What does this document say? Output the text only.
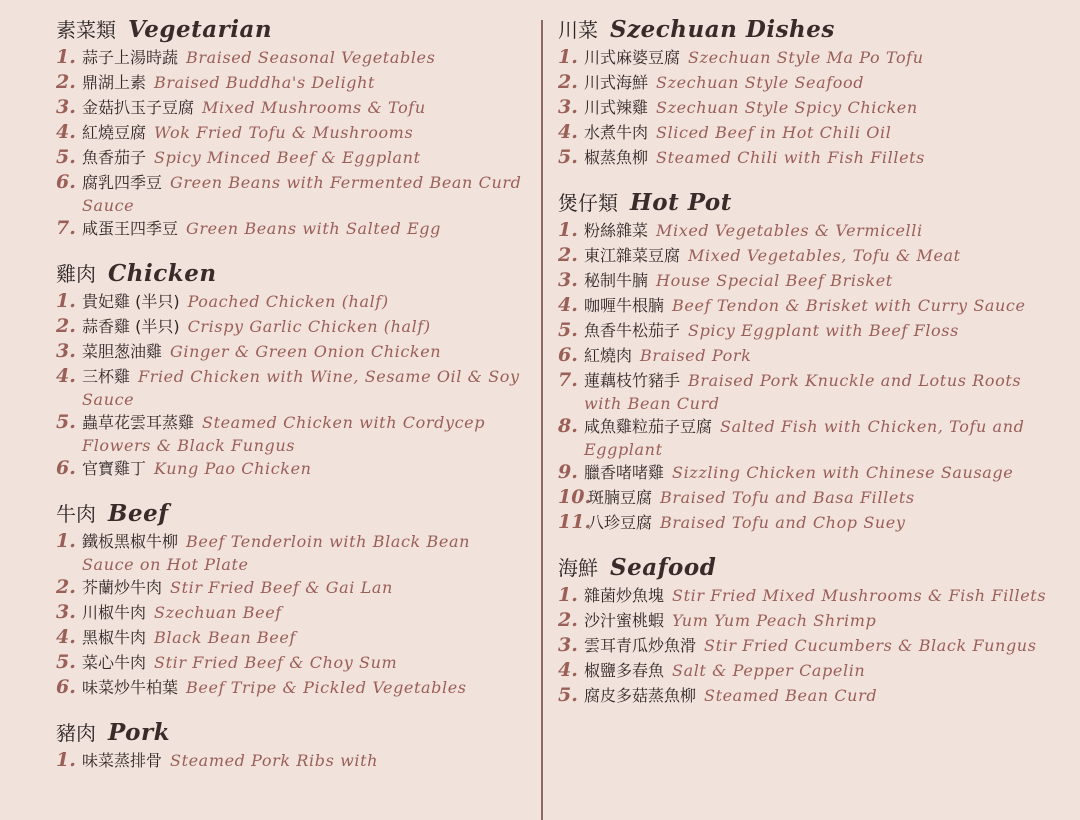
素菜類 Vegetarian
1. 蒜子上湯時蔬 Braised Seasonal Vegetables
2. 鼎湖上素 Braised Buddha's Delight
3. 金菇扒玉子豆腐 Mixed Mushrooms & Tofu
4. 紅燒豆腐 Wok Fried Tofu & Mushrooms
5. 魚香茄子 Spicy Minced Beef & Eggplant
6. 腐乳四季豆 Green Beans with Fermented Bean Curd Sauce
7. 咸蛋王四季豆 Green Beans with Salted Egg
雞肉 Chicken
1. 貴妃雞 (半只) Poached Chicken (half)
2. 蒜香雞 (半只) Crispy Garlic Chicken (half)
3. 菜胆葱油雞 Ginger & Green Onion Chicken
4. 三杯雞 Fried Chicken with Wine, Sesame Oil & Soy Sauce
5. 蟲草花雲耳蒸雞 Steamed Chicken with Cordycep Flowers & Black Fungus
6. 官寶雞丁 Kung Pao Chicken
牛肉 Beef
1. 鐵板黑椒牛柳 Beef Tenderloin with Black Bean Sauce on Hot Plate
2. 芥蘭炒牛肉 Stir Fried Beef & Gai Lan
3. 川椒牛肉 Szechuan Beef
4. 黑椒牛肉 Black Bean Beef
5. 菜心牛肉 Stir Fried Beef & Choy Sum
6. 味菜炒牛柏葉 Beef Tripe & Pickled Vegetables
豬肉 Pork
1. 味菜蒸排骨 Steamed Pork Ribs with
川菜 Szechuan Dishes
1. 川式麻婆豆腐 Szechuan Style Ma Po Tofu
2. 川式海鮮 Szechuan Style Seafood
3. 川式辣雞 Szechuan Style Spicy Chicken
4. 水煮牛肉 Sliced Beef in Hot Chili Oil
5. 椒蒸魚柳 Steamed Chili with Fish Fillets
煲仔類 Hot Pot
1. 粉絲雜菜 Mixed Vegetables & Vermicelli
2. 東江雜菜豆腐 Mixed Vegetables, Tofu & Meat
3. 秘制牛腩 House Special Beef Brisket
4. 咖喱牛根腩 Beef Tendon & Brisket with Curry Sauce
5. 魚香牛松茄子 Spicy Eggplant with Beef Floss
6. 紅燒肉 Braised Pork
7. 蓮藕枝竹豬手 Braised Pork Knuckle and Lotus Roots with Bean Curd
8. 咸魚雞粒茄子豆腐 Salted Fish with Chicken, Tofu and Eggplant
9. 臘香啫啫雞 Sizzling Chicken with Chinese Sausage
10.
斑腩豆腐 Braised Tofu and Basa Fillets
11.
八珍豆腐 Braised Tofu and Chop Suey
海鮮 Seafood
1. 雜菌炒魚塊 Stir Fried Mixed Mushrooms & Fish Fillets
2. 沙汁蜜桃蝦 Yum Yum Peach Shrimp
3. 雲耳青瓜炒魚滑 Stir Fried Cucumbers & Black Fungus
4. 椒鹽多春魚 Salt & Pepper Capelin
5. 腐皮多菇蒸魚柳 Steamed Bean Curd
